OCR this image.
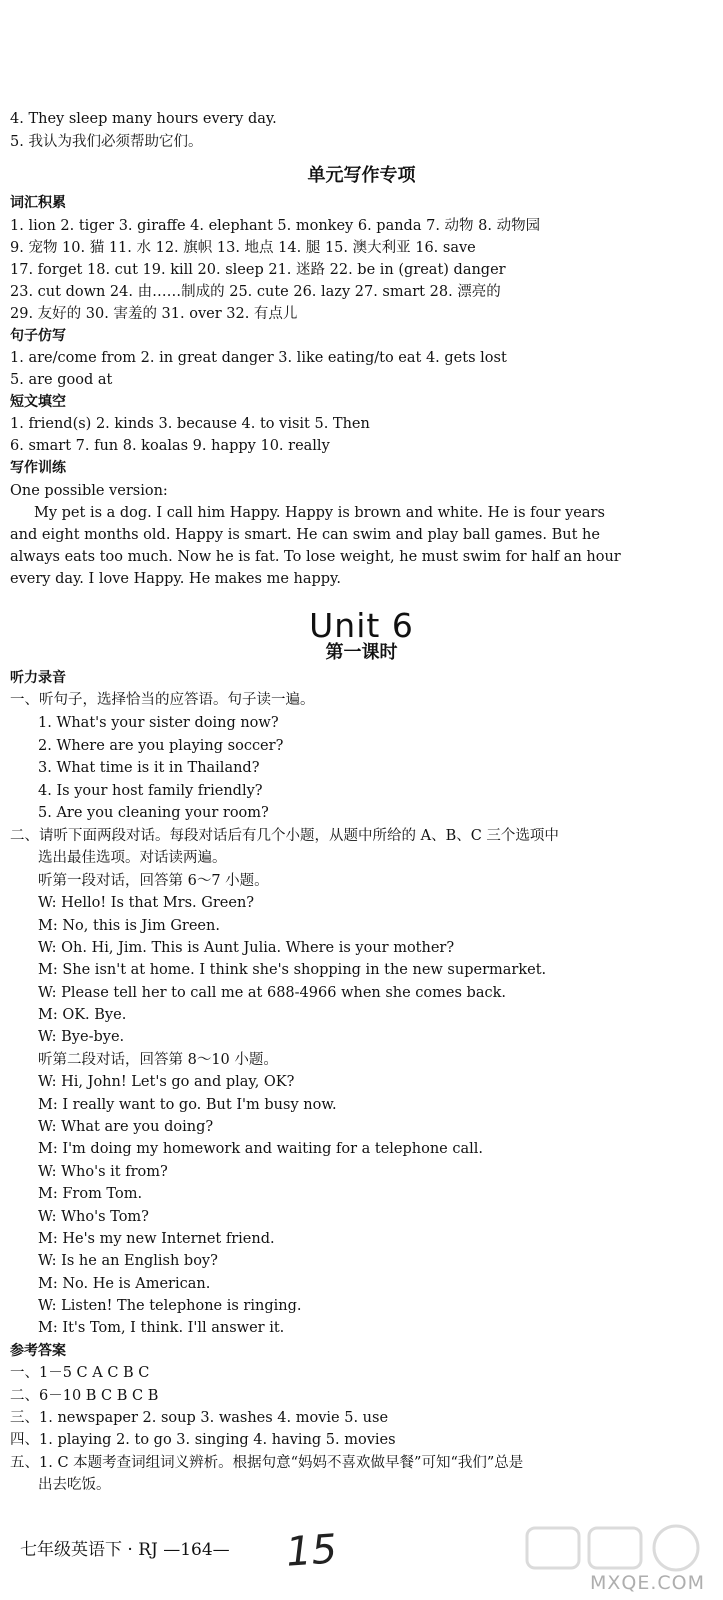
4. They sleep many hours every day.
5. 我认为我们必须帮助它们。
单元写作专项
词汇积累
1. lion 2. tiger 3. giraffe 4. elephant 5. monkey 6. panda 7. 动物 8. 动物园
9. 宠物 10. 猫 11. 水 12. 旗帜 13. 地点 14. 腿 15. 澳大利亚 16. save
17. forget 18. cut 19. kill 20. sleep 21. 迷路 22. be in (great) danger
23. cut down 24. 由……制成的 25. cute 26. lazy 27. smart 28. 漂亮的
29. 友好的 30. 害羞的 31. over 32. 有点儿
句子仿写
1. are/come from 2. in great danger 3. like eating/to eat 4. gets lost
5. are good at
短文填空
1. friend(s) 2. kinds 3. because 4. to visit 5. Then
6. smart 7. fun 8. koalas 9. happy 10. really
写作训练
One possible version:
My pet is a dog. I call him Happy. Happy is brown and white. He is four years
and eight months old. Happy is smart. He can swim and play ball games. But he
always eats too much. Now he is fat. To lose weight, he must swim for half an hour
every day. I love Happy. He makes me happy.
Unit 6
第一课时
听力录音
一、听句子，选择恰当的应答语。句子读一遍。
1. What's your sister doing now?
2. Where are you playing soccer?
3. What time is it in Thailand?
4. Is your host family friendly?
5. Are you cleaning your room?
二、请听下面两段对话。每段对话后有几个小题，从题中所给的 A、B、C 三个选项中
选出最佳选项。对话读两遍。
听第一段对话，回答第 6～7 小题。
W: Hello! Is that Mrs. Green?
M: No, this is Jim Green.
W: Oh. Hi, Jim. This is Aunt Julia. Where is your mother?
M: She isn't at home. I think she's shopping in the new supermarket.
W: Please tell her to call me at 688-4966 when she comes back.
M: OK. Bye.
W: Bye-bye.
听第二段对话，回答第 8～10 小题。
W: Hi, John! Let's go and play, OK?
M: I really want to go. But I'm busy now.
W: What are you doing?
M: I'm doing my homework and waiting for a telephone call.
W: Who's it from?
M: From Tom.
W: Who's Tom?
M: He's my new Internet friend.
W: Is he an English boy?
M: No. He is American.
W: Listen! The telephone is ringing.
M: It's Tom, I think. I'll answer it.
参考答案
一、1－5 C A C B C
二、6－10 B C B C B
三、1. newspaper 2. soup 3. washes 4. movie 5. use
四、1. playing 2. to go 3. singing 4. having 5. movies
五、1. C 本题考查词组词义辨析。根据句意“妈妈不喜欢做早餐”可知“我们”总是
出去吃饭。
七年级英语下 · RJ —164— 15
MXQE.COM
